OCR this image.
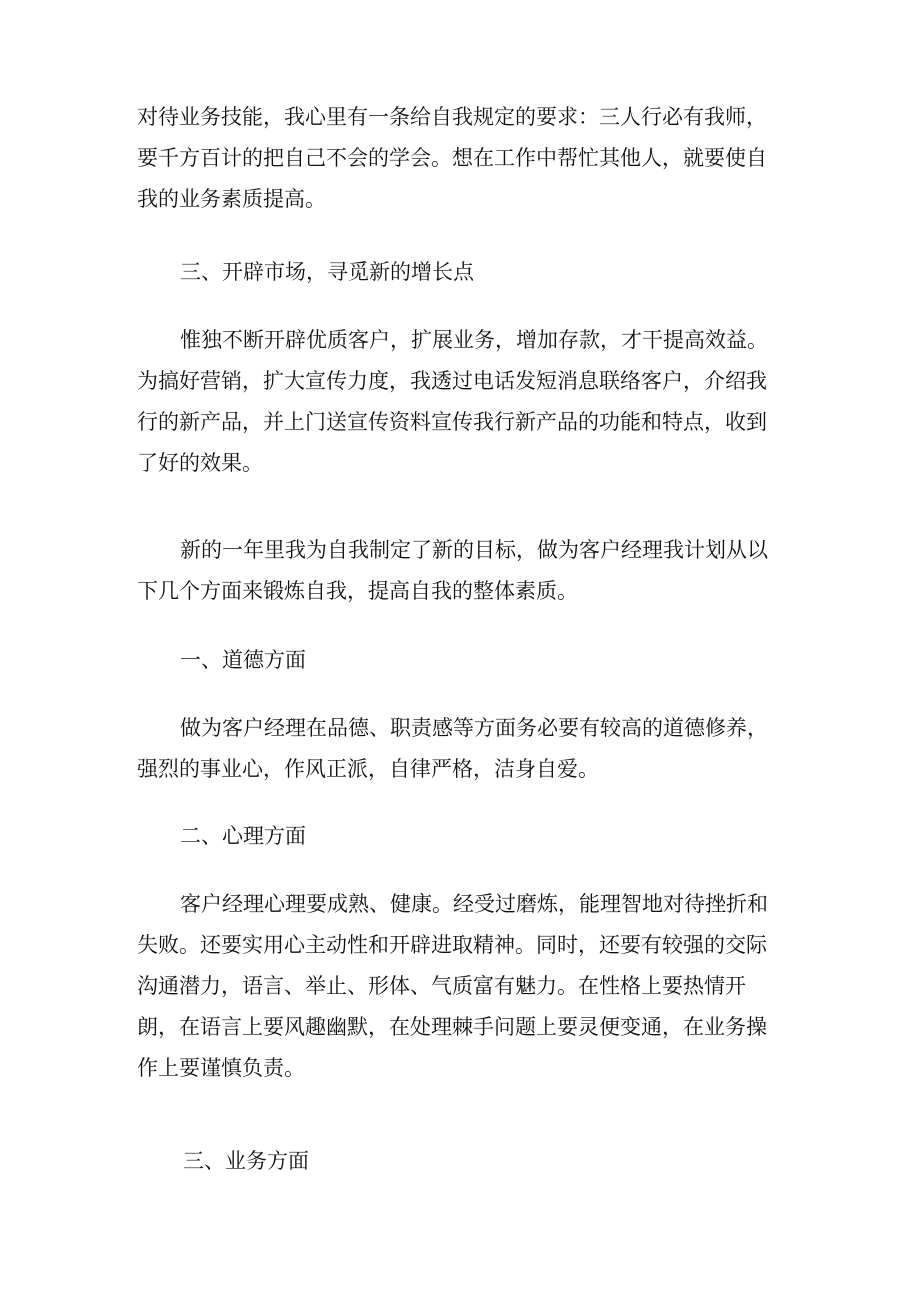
对待业务技能，我心里有一条给自我规定的要求：三人行必有我师，
要千方百计的把自己不会的学会。想在工作中帮忙其他人，就要使自
我的业务素质提高。
三、开辟市场，寻觅新的增长点
惟独不断开辟优质客户，扩展业务，增加存款，才干提高效益。
为搞好营销，扩大宣传力度，我透过电话发短消息联络客户，介绍我
行的新产品，并上门送宣传资料宣传我行新产品的功能和特点，收到
了好的效果。
新的一年里我为自我制定了新的目标，做为客户经理我计划从以
下几个方面来锻炼自我，提高自我的整体素质。
一、道德方面
做为客户经理在品德、职责感等方面务必要有较高的道德修养，
强烈的事业心，作风正派，自律严格，洁身自爱。
二、心理方面
客户经理心理要成熟、健康。经受过磨炼，能理智地对待挫折和
失败。还要实用心主动性和开辟进取精神。同时，还要有较强的交际
沟通潜力，语言、举止、形体、气质富有魅力。在性格上要热情开
朗，在语言上要风趣幽默，在处理棘手问题上要灵便变通，在业务操
作上要谨慎负责。
三、业务方面
